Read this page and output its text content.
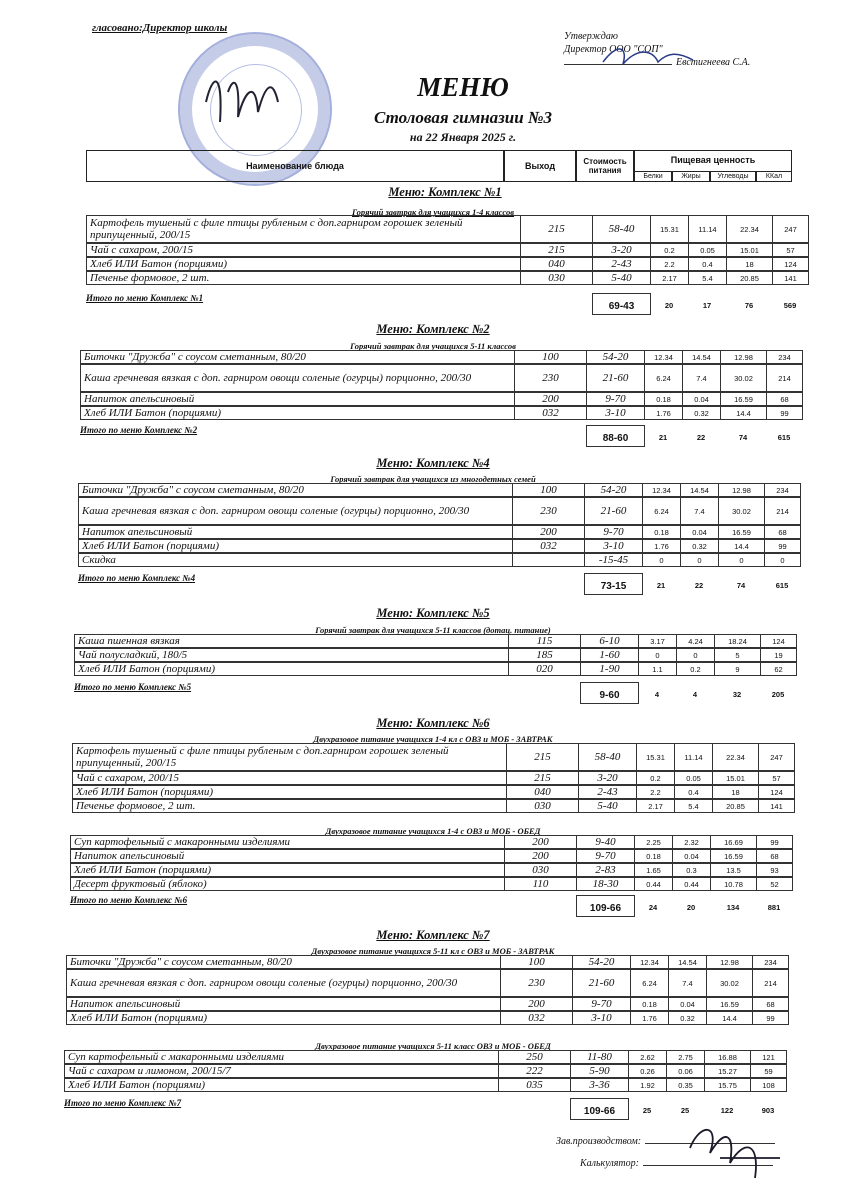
гласовано:Директор школы
Утверждаю
Директор ООО "СОП"
Евстигнеева С.А.
МЕНЮ
Столовая гимназии №3
на 22 Января 2025 г.
Наименование блюда	Выход	Стоимость питания
Пищевая ценность
Белки	Жиры	Углеводы	ККал
Меню: Комплекс №1
Горячий завтрак для учащихся 1-4 классов
Картофель тушеный с филе птицы рубленым с доп.гарниром горошек зеленый припущенный, 200/15	215	58-40	15.31	11.14	22.34	247
Чай с сахаром, 200/15	215	3-20	0.2	0.05	15.01	57
Хлеб ИЛИ Батон (порциями)	040	2-43	2.2	0.4	18	124
Печенье формовое, 2 шт.	030	5-40	2.17	5.4	20.85	141
Итого по меню Комплекс №1
69-43	20	17	76	569
Меню: Комплекс №2
Горячий завтрак для учащихся 5-11 классов
Биточки "Дружба" с соусом сметанным, 80/20	100	54-20	12.34	14.54	12.98	234
Каша гречневая вязкая с доп. гарниром овощи соленые (огурцы) порционно, 200/30	230	21-60	6.24	7.4	30.02	214
Напиток апельсиновый	200	9-70	0.18	0.04	16.59	68
Хлеб ИЛИ Батон (порциями)	032	3-10	1.76	0.32	14.4	99
Итого по меню Комплекс №2
88-60	21	22	74	615
Меню: Комплекс №4
Горячий завтрак для учащихся из многодетных семей
Биточки "Дружба" с соусом сметанным, 80/20	100	54-20	12.34	14.54	12.98	234
Каша гречневая вязкая с доп. гарниром овощи соленые (огурцы) порционно, 200/30	230	21-60	6.24	7.4	30.02	214
Напиток апельсиновый	200	9-70	0.18	0.04	16.59	68
Хлеб ИЛИ Батон (порциями)	032	3-10	1.76	0.32	14.4	99
Скидка	-15-45	0	0	0	0
Итого по меню Комплекс №4
73-15	21	22	74	615
Меню: Комплекс №5
Горячий завтрак для учащихся 5-11 классов (дотац. питание)
Каша пшенная вязкая	115	6-10	3.17	4.24	18.24	124
Чай полусладкий, 180/5	185	1-60	0	0	5	19
Хлеб ИЛИ Батон (порциями)	020	1-90	1.1	0.2	9	62
Итого по меню Комплекс №5
9-60	4	4	32	205
Меню: Комплекс №6
Двухразовое питание учащихся 1-4 кл с ОВЗ и МОБ - ЗАВТРАК
Картофель тушеный с филе птицы рубленым с доп.гарниром горошек зеленый припущенный, 200/15	215	58-40	15.31	11.14	22.34	247
Чай с сахаром, 200/15	215	3-20	0.2	0.05	15.01	57
Хлеб ИЛИ Батон (порциями)	040	2-43	2.2	0.4	18	124
Печенье формовое, 2 шт.	030	5-40	2.17	5.4	20.85	141
Двухразовое питание учащихся 1-4 с ОВЗ и МОБ - ОБЕД
Суп картофельный с макаронными изделиями	200	9-40	2.25	2.32	16.69	99
Напиток апельсиновый	200	9-70	0.18	0.04	16.59	68
Хлеб ИЛИ Батон (порциями)	030	2-83	1.65	0.3	13.5	93
Десерт фруктовый (яблоко)	110	18-30	0.44	0.44	10.78	52
Итого по меню Комплекс №6
109-66	24	20	134	881
Меню: Комплекс №7
Двухразовое питание учащихся 5-11 кл с ОВЗ и МОБ - ЗАВТРАК
Биточки "Дружба" с соусом сметанным, 80/20	100	54-20	12.34	14.54	12.98	234
Каша гречневая вязкая с доп. гарниром овощи соленые (огурцы) порционно, 200/30	230	21-60	6.24	7.4	30.02	214
Напиток апельсиновый	200	9-70	0.18	0.04	16.59	68
Хлеб ИЛИ Батон (порциями)	032	3-10	1.76	0.32	14.4	99
Двухразовое питание учащихся 5-11 класс ОВЗ и МОБ - ОБЕД
Суп картофельный с макаронными изделиями	250	11-80	2.62	2.75	16.88	121
Чай с сахаром и лимоном, 200/15/7	222	5-90	0.26	0.06	15.27	59
Хлеб ИЛИ Батон (порциями)	035	3-36	1.92	0.35	15.75	108
Итого по меню Комплекс №7
109-66	25	25	122	903
Зав.производством:
Калькулятор:
